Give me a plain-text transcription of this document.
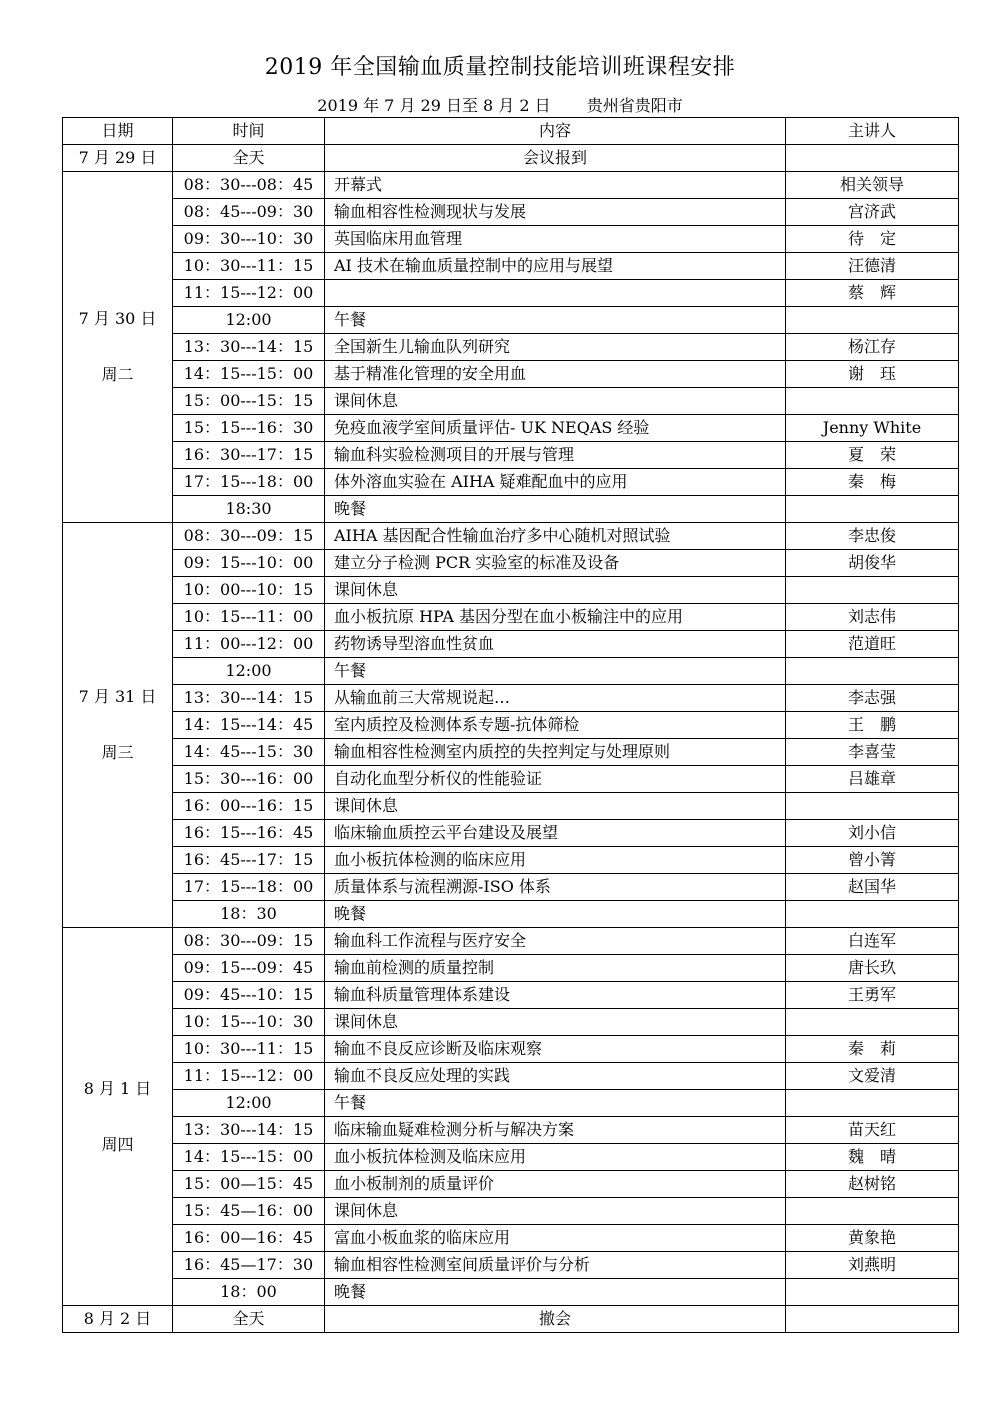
2019 年全国输血质量控制技能培训班课程安排
2019 年 7 月 29 日至 8 月 2 日 贵州省贵阳市
日期	时间	内容	主讲人
7 月 29 日	全天	会议报到	
7 月 30 日
周二	08：30---08：45	开幕式	相关领导
	08：45---09：30	输血相容性检测现状与发展	宫济武
	09：30---10：30	英国临床用血管理	待　定
	10：30---11：15	AI 技术在输血质量控制中的应用与展望	汪德清
	11：15---12：00		蔡　辉
	12:00	午餐	
	13：30---14：15	全国新生儿输血队列研究	杨江存
	14：15---15：00	基于精准化管理的安全用血	谢　珏
	15：00---15：15	课间休息	
	15：15---16：30	免疫血液学室间质量评估- UK NEQAS 经验	Jenny White
	16：30---17：15	输血科实验检测项目的开展与管理	夏　荣
	17：15---18：00	体外溶血实验在 AIHA 疑难配血中的应用	秦　梅
	18:30	晚餐	
7 月 31 日
周三	08：30---09：15	AIHA 基因配合性输血治疗多中心随机对照试验	李忠俊
	09：15---10：00	建立分子检测 PCR 实验室的标准及设备	胡俊华
	10：00---10：15	课间休息	
	10：15---11：00	血小板抗原 HPA 基因分型在血小板输注中的应用	刘志伟
	11：00---12：00	药物诱导型溶血性贫血	范道旺
	12:00	午餐	
	13：30---14：15	从输血前三大常规说起…	李志强
	14：15---14：45	室内质控及检测体系专题-抗体筛检	王　鹏
	14：45---15：30	输血相容性检测室内质控的失控判定与处理原则	李喜莹
	15：30---16：00	自动化血型分析仪的性能验证	吕雄章
	16：00---16：15	课间休息	
	16：15---16：45	临床输血质控云平台建设及展望	刘小信
	16：45---17：15	血小板抗体检测的临床应用	曾小箐
	17：15---18：00	质量体系与流程溯源-ISO 体系	赵国华
	18：30	晚餐	
8 月 1 日
周四	08：30---09：15	输血科工作流程与医疗安全	白连军
	09：15---09：45	输血前检测的质量控制	唐长玖
	09：45---10：15	输血科质量管理体系建设	王勇军
	10：15---10：30	课间休息	
	10：30---11：15	输血不良反应诊断及临床观察	秦　莉
	11：15---12：00	输血不良反应处理的实践	文爱清
	12:00	午餐	
	13：30---14：15	临床输血疑难检测分析与解决方案	苗天红
	14：15---15：00	血小板抗体检测及临床应用	魏　晴
	15：00—15：45	血小板制剂的质量评价	赵树铭
	15：45—16：00	课间休息	
	16：00—16：45	富血小板血浆的临床应用	黄象艳
	16：45—17：30	输血相容性检测室间质量评价与分析	刘燕明
	18：00	晚餐	
8 月 2 日	全天	撤会	
